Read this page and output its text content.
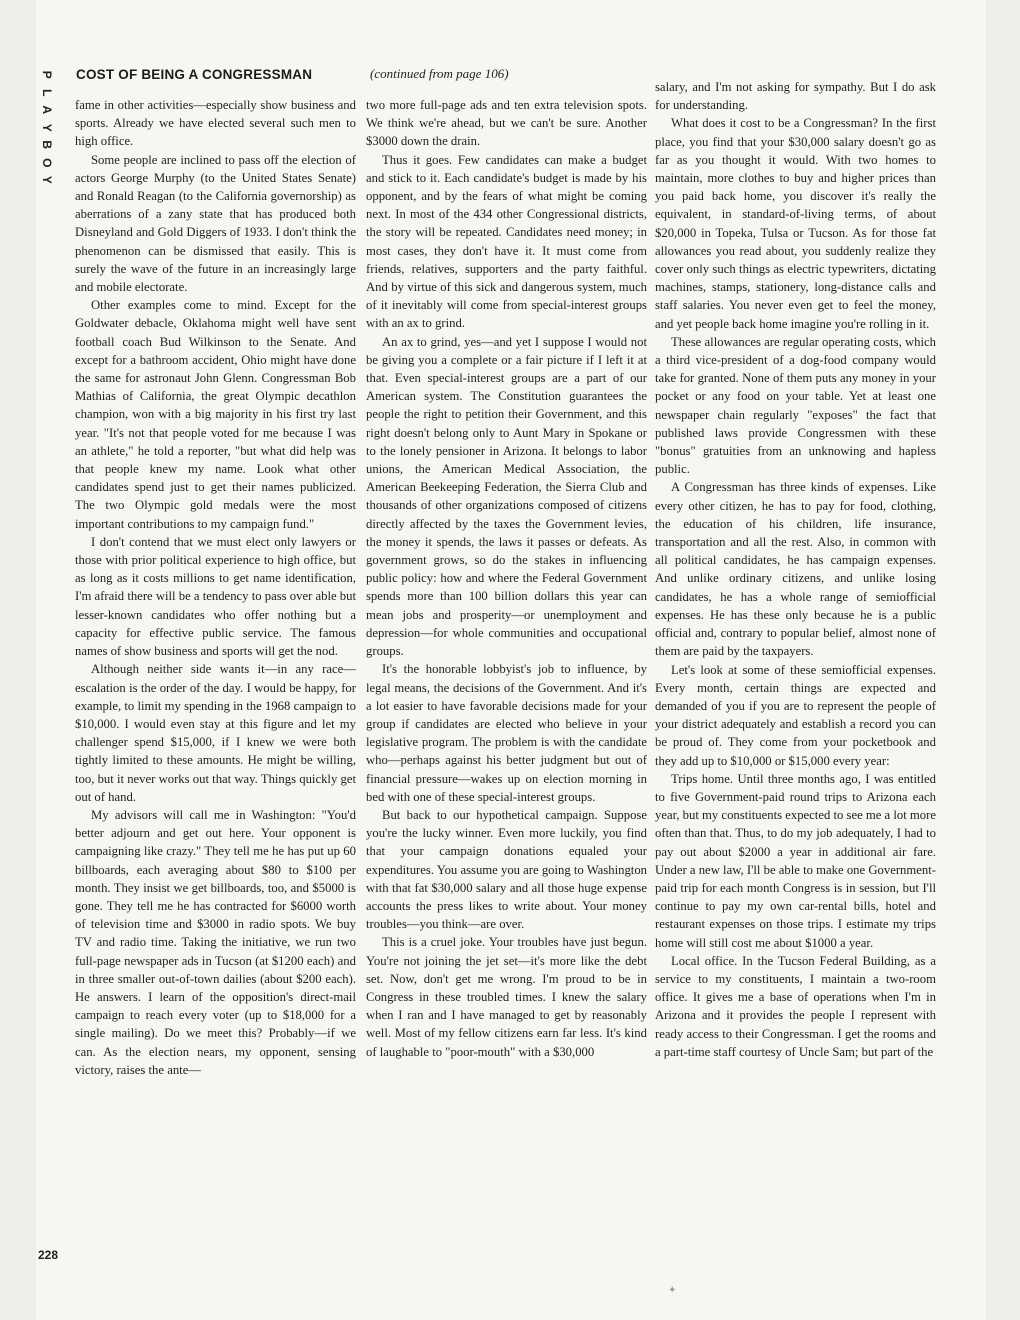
P
L
A
Y
B
O
Y
COST OF BEING A CONGRESSMAN	(continued from page 106)

fame in other activities—especially show business and sports. Already we have elected several such men to high office.

Some people are inclined to pass off the election of actors George Murphy (to the United States Senate) and Ronald Reagan (to the California governorship) as aberrations of a zany state that has produced both Disneyland and Gold Diggers of 1933. I don't think the phenomenon can be dismissed that easily. This is surely the wave of the future in an increasingly large and mobile electorate.

Other examples come to mind. Except for the Goldwater debacle, Oklahoma might well have sent football coach Bud Wilkinson to the Senate. And except for a bathroom accident, Ohio might have done the same for astronaut John Glenn. Congressman Bob Mathias of California, the great Olympic decathlon champion, won with a big majority in his first try last year. "It's not that people voted for me because I was an athlete," he told a reporter, "but what did help was that people knew my name. Look what other candidates spend just to get their names publicized. The two Olympic gold medals were the most important contributions to my campaign fund."

I don't contend that we must elect only lawyers or those with prior political experience to high office, but as long as it costs millions to get name identification, I'm afraid there will be a tendency to pass over able but lesser-known candidates who offer nothing but a capacity for effective public service. The famous names of show business and sports will get the nod.

Although neither side wants it—in any race—escalation is the order of the day. I would be happy, for example, to limit my spending in the 1968 campaign to $10,000. I would even stay at this figure and let my challenger spend $15,000, if I knew we were both tightly limited to these amounts. He might be willing, too, but it never works out that way. Things quickly get out of hand.

My advisors will call me in Washington: "You'd better adjourn and get out here. Your opponent is campaigning like crazy." They tell me he has put up 60 billboards, each averaging about $80 to $100 per month. They insist we get billboards, too, and $5000 is gone. They tell me he has contracted for $6000 worth of television time and $3000 in radio spots. We buy TV and radio time. Taking the initiative, we run two full-page newspaper ads in Tucson (at $1200 each) and in three smaller out-of-town dailies (about $200 each). He answers. I learn of the opposition's direct-mail campaign to reach every voter (up to $18,000 for a single mailing). Do we meet this? Probably—if we can. As the election nears, my opponent, sensing victory, raises the ante—

two more full-page ads and ten extra television spots. We think we're ahead, but we can't be sure. Another $3000 down the drain.

Thus it goes. Few candidates can make a budget and stick to it. Each candidate's budget is made by his opponent, and by the fears of what might be coming next. In most of the 434 other Congressional districts, the story will be repeated. Candidates need money; in most cases, they don't have it. It must come from friends, relatives, supporters and the party faithful. And by virtue of this sick and dangerous system, much of it inevitably will come from special-interest groups with an ax to grind.

An ax to grind, yes—and yet I suppose I would not be giving you a complete or a fair picture if I left it at that. Even special-interest groups are a part of our American system. The Constitution guarantees the people the right to petition their Government, and this right doesn't belong only to Aunt Mary in Spokane or to the lonely pensioner in Arizona. It belongs to labor unions, the American Medical Association, the American Beekeeping Federation, the Sierra Club and thousands of other organizations composed of citizens directly affected by the taxes the Government levies, the money it spends, the laws it passes or defeats. As government grows, so do the stakes in influencing public policy: how and where the Federal Government spends more than 100 billion dollars this year can mean jobs and prosperity—or unemployment and depression—for whole communities and occupational groups.

It's the honorable lobbyist's job to influence, by legal means, the decisions of the Government. And it's a lot easier to have favorable decisions made for your group if candidates are elected who believe in your legislative program. The problem is with the candidate who—perhaps against his better judgment but out of financial pressure—wakes up on election morning in bed with one of these special-interest groups.

But back to our hypothetical campaign. Suppose you're the lucky winner. Even more luckily, you find that your campaign donations equaled your expenditures. You assume you are going to Washington with that fat $30,000 salary and all those huge expense accounts the press likes to write about. Your money troubles—you think—are over.

This is a cruel joke. Your troubles have just begun. You're not joining the jet set—it's more like the debt set. Now, don't get me wrong. I'm proud to be in Congress in these troubled times. I knew the salary when I ran and I have managed to get by reasonably well. Most of my fellow citizens earn far less. It's kind of laughable to "poor-mouth" with a $30,000

salary, and I'm not asking for sympathy. But I do ask for understanding.

What does it cost to be a Congressman? In the first place, you find that your $30,000 salary doesn't go as far as you thought it would. With two homes to maintain, more clothes to buy and higher prices than you paid back home, you discover it's really the equivalent, in standard-of-living terms, of about $20,000 in Topeka, Tulsa or Tucson. As for those fat allowances you read about, you suddenly realize they cover only such things as electric typewriters, dictating machines, stamps, stationery, long-distance calls and staff salaries. You never even get to feel the money, and yet people back home imagine you're rolling in it.

These allowances are regular operating costs, which a third vice-president of a dog-food company would take for granted. None of them puts any money in your pocket or any food on your table. Yet at least one newspaper chain regularly "exposes" the fact that published laws provide Congressmen with these "bonus" gratuities from an unknowing and hapless public.

A Congressman has three kinds of expenses. Like every other citizen, he has to pay for food, clothing, the education of his children, life insurance, transportation and all the rest. Also, in common with all political candidates, he has campaign expenses. And unlike ordinary citizens, and unlike losing candidates, he has a whole range of semiofficial expenses. He has these only because he is a public official and, contrary to popular belief, almost none of them are paid by the taxpayers.

Let's look at some of these semiofficial expenses. Every month, certain things are expected and demanded of you if you are to represent the people of your district adequately and establish a record you can be proud of. They come from your pocketbook and they add up to $10,000 or $15,000 every year:

Trips home. Until three months ago, I was entitled to five Government-paid round trips to Arizona each year, but my constituents expected to see me a lot more often than that. Thus, to do my job adequately, I had to pay out about $2000 a year in additional air fare. Under a new law, I'll be able to make one Government-paid trip for each month Congress is in session, but I'll continue to pay my own car-rental bills, hotel and restaurant expenses on those trips. I estimate my trips home will still cost me about $1000 a year.

Local office. In the Tucson Federal Building, as a service to my constituents, I maintain a two-room office. It gives me a base of operations when I'm in Arizona and it provides the people I represent with ready access to their Congressman. I get the rooms and a part-time staff courtesy of Uncle Sam; but part of the

228
✦
